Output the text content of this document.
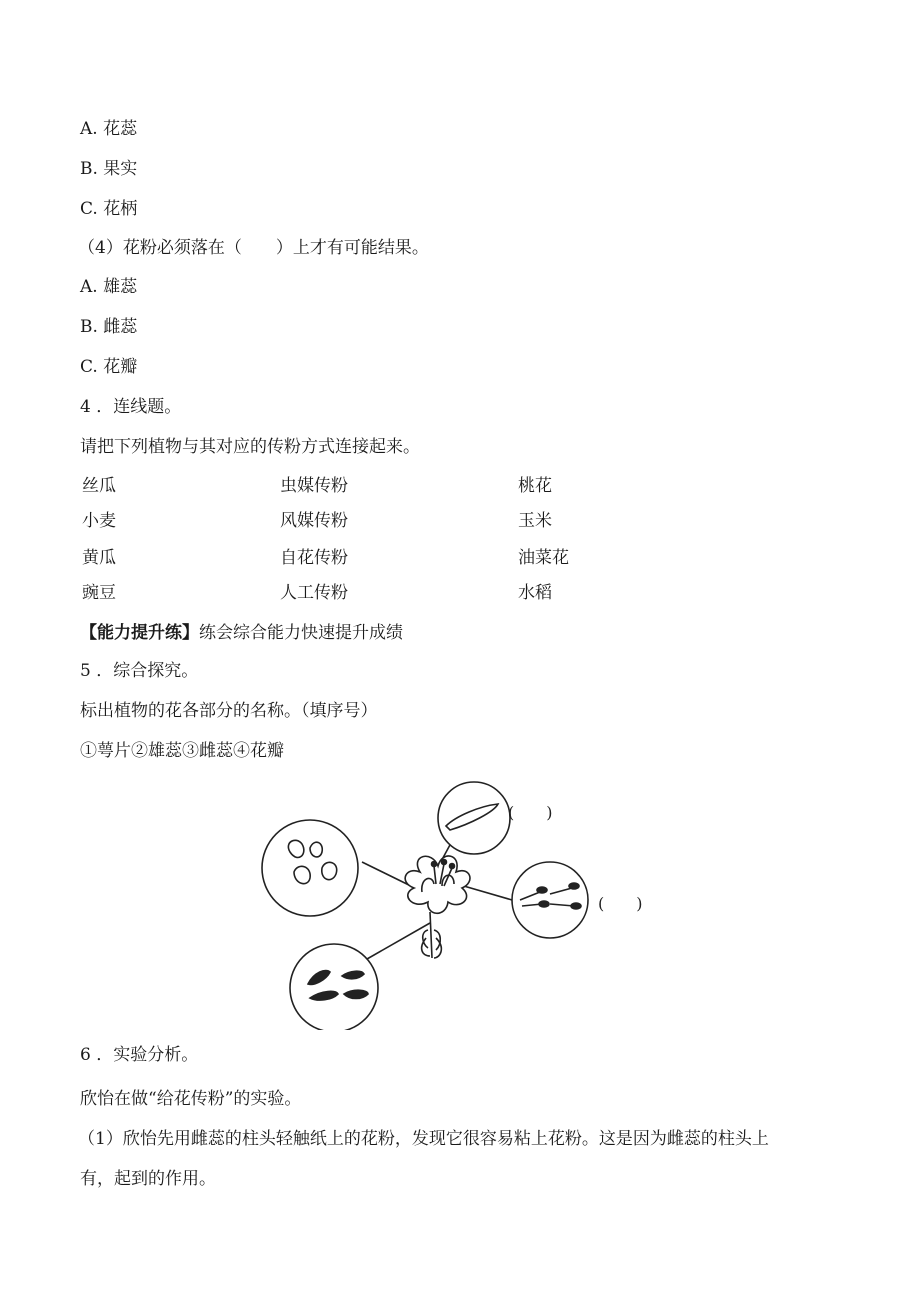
A. 花蕊
B. 果实
C. 花柄
（4）花粉必须落在（　　）上才有可能结果。
A. 雄蕊
B. 雌蕊
C. 花瓣
4 ．连线题。
请把下列植物与其对应的传粉方式连接起来。
丝瓜	虫媒传粉	桃花
小麦	风媒传粉	玉米
黄瓜	自花传粉	油菜花
豌豆	人工传粉	水稻
【能力提升练】练会综合能力快速提升成绩
5 ．综合探究。
标出植物的花各部分的名称。（填序号）
①萼片②雄蕊③雌蕊④花瓣
(　　)
(　　)
6 ．实验分析。
欣怡在做“给花传粉”的实验。
（1）欣怡先用雌蕊的柱头轻触纸上的花粉，发现它很容易粘上花粉。这是因为雌蕊的柱头上
有，起到的作用。
